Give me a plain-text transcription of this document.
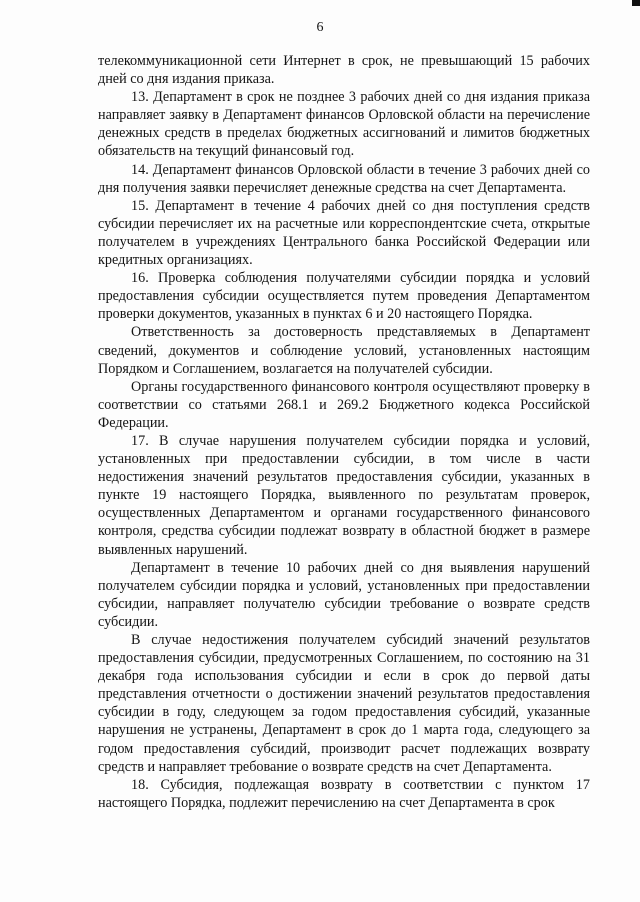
6

телекоммуникационной сети Интернет в срок, не превышающий 15 рабочих дней со дня издания приказа.

13. Департамент в срок не позднее 3 рабочих дней со дня издания приказа направляет заявку в Департамент финансов Орловской области на перечисление денежных средств в пределах бюджетных ассигнований и лимитов бюджетных обязательств на текущий финансовый год.

14. Департамент финансов Орловской области в течение 3 рабочих дней со дня получения заявки перечисляет денежные средства на счет Департамента.

15. Департамент в течение 4 рабочих дней со дня поступления средств субсидии перечисляет их на расчетные или корреспондентские счета, открытые получателем в учреждениях Центрального банка Российской Федерации или кредитных организациях.

16. Проверка соблюдения получателями субсидии порядка и условий предоставления субсидии осуществляется путем проведения Департаментом проверки документов, указанных в пунктах 6 и 20 настоящего Порядка.

Ответственность за достоверность представляемых в Департамент сведений, документов и соблюдение условий, установленных настоящим Порядком и Соглашением, возлагается на получателей субсидии.

Органы государственного финансового контроля осуществляют проверку в соответствии со статьями 268.1 и 269.2 Бюджетного кодекса Российской Федерации.

17. В случае нарушения получателем субсидии порядка и условий, установленных при предоставлении субсидии, в том числе в части недостижения значений результатов предоставления субсидии, указанных в пункте 19 настоящего Порядка, выявленного по результатам проверок, осуществленных Департаментом и органами государственного финансового контроля, средства субсидии подлежат возврату в областной бюджет в размере выявленных нарушений.

Департамент в течение 10 рабочих дней со дня выявления нарушений получателем субсидии порядка и условий, установленных при предоставлении субсидии, направляет получателю субсидии требование о возврате средств субсидии.

В случае недостижения получателем субсидий значений результатов предоставления субсидии, предусмотренных Соглашением, по состоянию на 31 декабря года использования субсидии и если в срок до первой даты представления отчетности о достижении значений результатов предоставления субсидии в году, следующем за годом предоставления субсидий, указанные нарушения не устранены, Департамент в срок до 1 марта года, следующего за годом предоставления субсидий, производит расчет подлежащих возврату средств и направляет требование о возврате средств на счет Департамента.

18. Субсидия, подлежащая возврату в соответствии с пунктом 17 настоящего Порядка, подлежит перечислению на счет Департамента в срок
